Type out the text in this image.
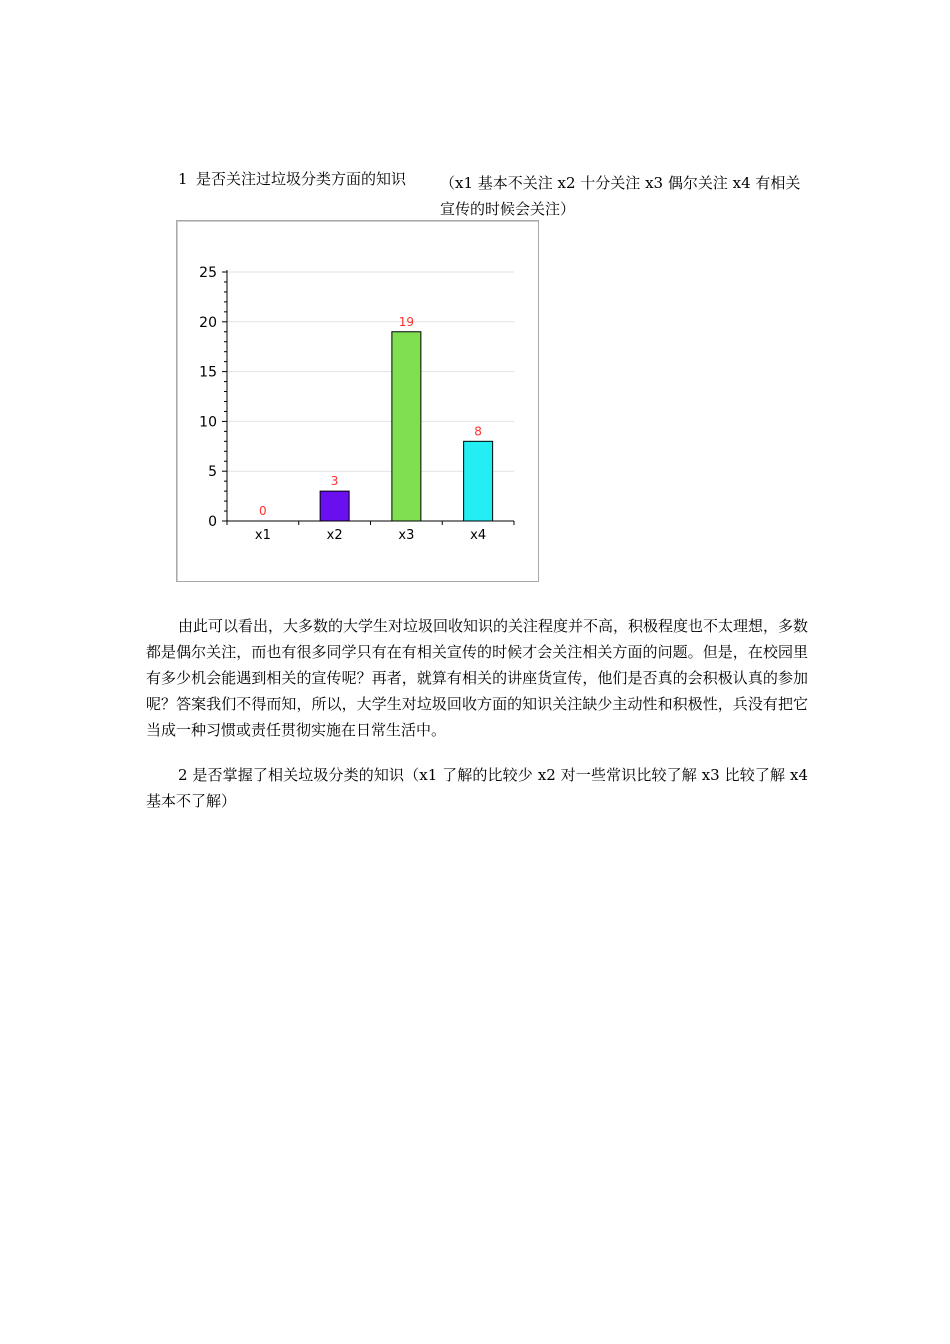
1 是否关注过垃圾分类方面的知识 （x1 基本不关注 x2 十分关注 x3 偶尔关注 x4 有相关宣传的时候会关注）
0
5
10
15
20
25
0
x1
3
x2
19
x3
8
x4

由此可以看出，大多数的大学生对垃圾回收知识的关注程度并不高，积极程度也不太理想，多数都是偶尔关注，而也有很多同学只有在有相关宣传的时候才会关注相关方面的问题。但是，在校园里有多少机会能遇到相关的宣传呢？再者，就算有相关的讲座货宣传，他们是否真的会积极认真的参加呢？答案我们不得而知，所以，大学生对垃圾回收方面的知识关注缺少主动性和积极性，兵没有把它当成一种习惯或责任贯彻实施在日常生活中。

2 是否掌握了相关垃圾分类的知识（x1 了解的比较少 x2 对一些常识比较了解 x3 比较了解 x4 基本不了解）
